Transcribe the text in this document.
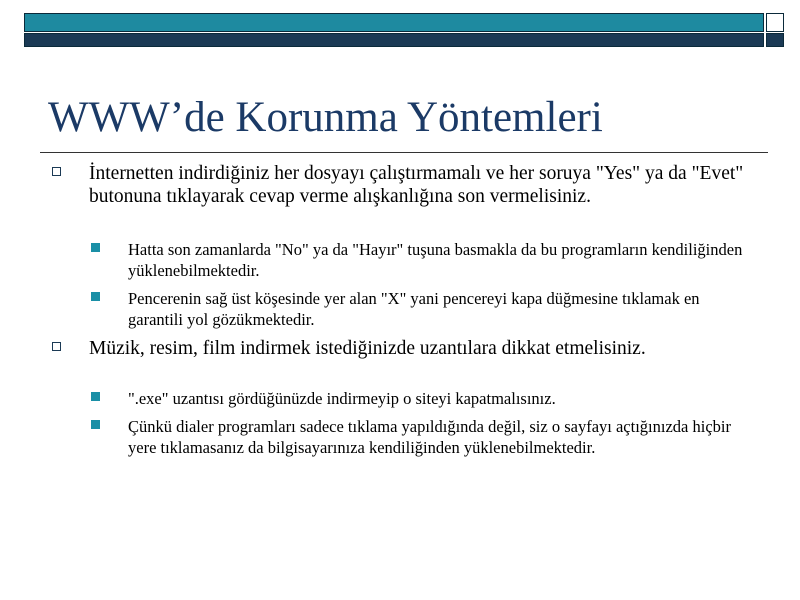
WWW’de Korunma Yöntemleri
İnternetten indirdiğiniz her dosyayı çalıştırmamalı ve her soruya "Yes" ya da "Evet" butonuna tıklayarak cevap verme alışkanlığına son vermelisiniz.
Hatta son zamanlarda "No" ya da "Hayır" tuşuna basmakla da bu programların kendiliğinden yüklenebilmektedir.
Pencerenin sağ üst köşesinde yer alan "X" yani pencereyi kapa düğmesine tıklamak en garantili yol gözükmektedir.
Müzik, resim, film indirmek istediğinizde uzantılara dikkat etmelisiniz.
".exe" uzantısı gördüğünüzde indirmeyip o siteyi kapatmalısınız.
Çünkü dialer programları sadece tıklama yapıldığında değil, siz o sayfayı açtığınızda hiçbir yere tıklamasanız da bilgisayarınıza kendiliğinden yüklenebilmektedir.
